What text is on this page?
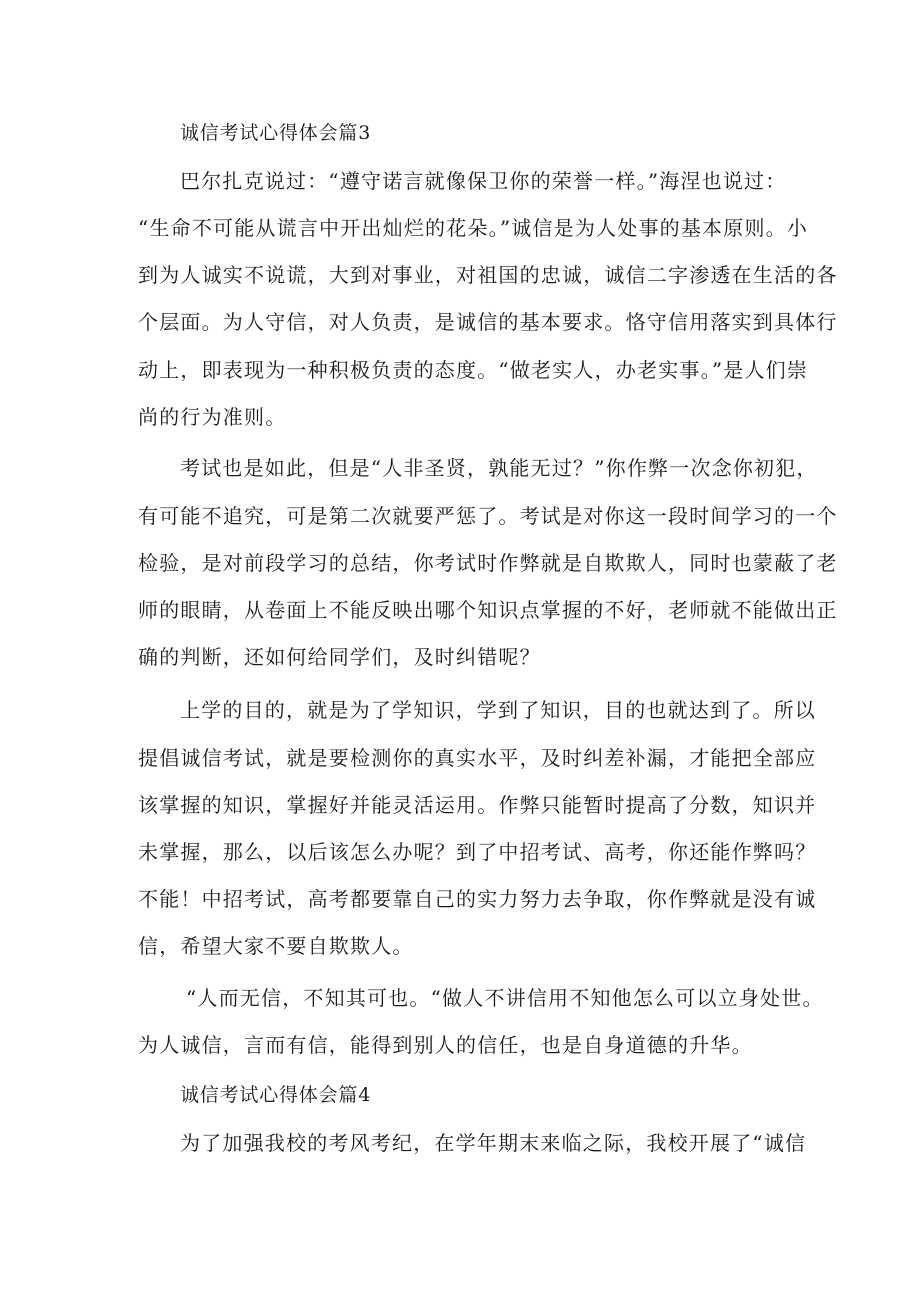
诚信考试心得体会篇3
巴尔扎克说过：“遵守诺言就像保卫你的荣誉一样。”海涅也说过：
“生命不可能从谎言中开出灿烂的花朵。”诚信是为人处事的基本原则。小
到为人诚实不说谎，大到对事业，对祖国的忠诚，诚信二字渗透在生活的各
个层面。为人守信，对人负责，是诚信的基本要求。恪守信用落实到具体行
动上，即表现为一种积极负责的态度。“做老实人，办老实事。”是人们崇
尚的行为准则。
考试也是如此，但是“人非圣贤，孰能无过？”你作弊一次念你初犯，
有可能不追究，可是第二次就要严惩了。考试是对你这一段时间学习的一个
检验，是对前段学习的总结，你考试时作弊就是自欺欺人，同时也蒙蔽了老
师的眼睛，从卷面上不能反映出哪个知识点掌握的不好，老师就不能做出正
确的判断，还如何给同学们，及时纠错呢？
上学的目的，就是为了学知识，学到了知识，目的也就达到了。所以
提倡诚信考试，就是要检测你的真实水平，及时纠差补漏，才能把全部应
该掌握的知识，掌握好并能灵活运用。作弊只能暂时提高了分数，知识并
未掌握，那么，以后该怎么办呢？到了中招考试、高考，你还能作弊吗？
不能！中招考试，高考都要靠自己的实力努力去争取，你作弊就是没有诚
信，希望大家不要自欺欺人。
“人而无信，不知其可也。“做人不讲信用不知他怎么可以立身处世。
为人诚信，言而有信，能得到别人的信任，也是自身道德的升华。
诚信考试心得体会篇4
为了加强我校的考风考纪，在学年期末来临之际，我校开展了“诚信
